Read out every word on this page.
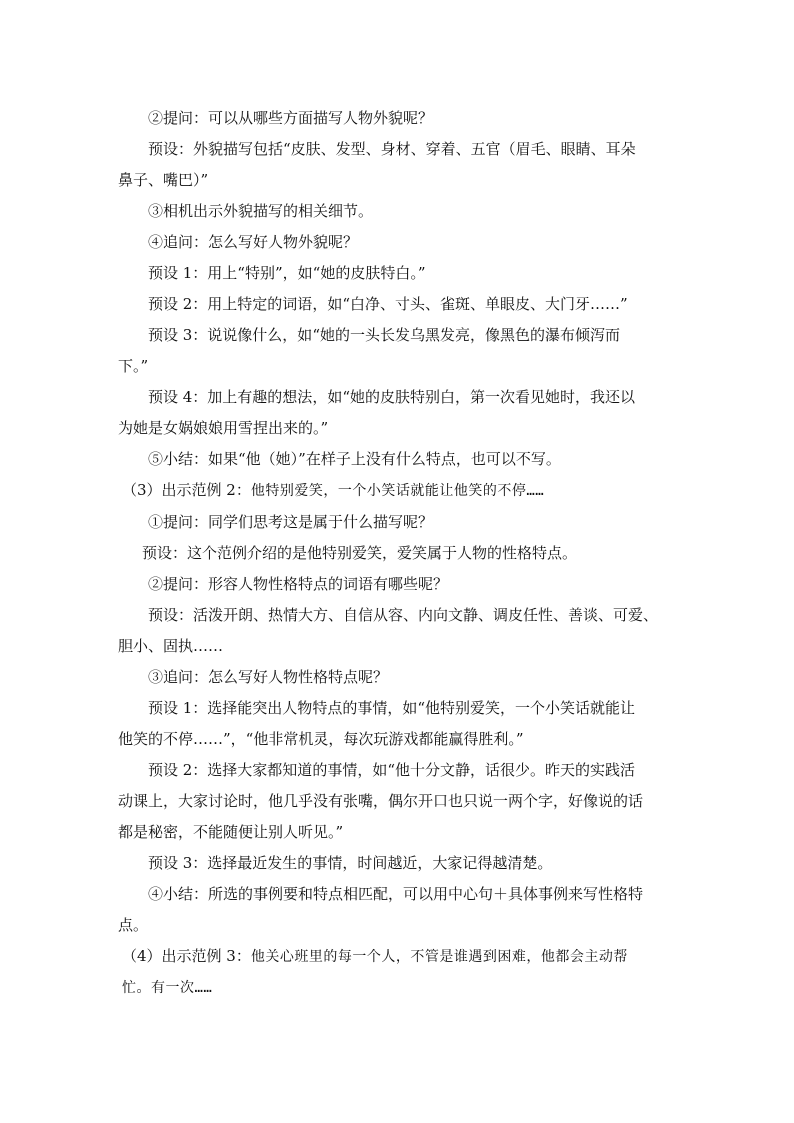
②提问：可以从哪些方面描写人物外貌呢？

预设：外貌描写包括“皮肤、发型、身材、穿着、五官（眉毛、眼睛、耳朵
鼻子、嘴巴）”

③相机出示外貌描写的相关细节。

④追问：怎么写好人物外貌呢？

预设 1：用上“特别”，如“她的皮肤特白。”

预设 2：用上特定的词语，如“白净、寸头、雀斑、单眼皮、大门牙……”

预设 3：说说像什么，如“她的一头长发乌黑发亮，像黑色的瀑布倾泻而
下。”

预设 4：加上有趣的想法，如“她的皮肤特别白，第一次看见她时，我还以
为她是女娲娘娘用雪捏出来的。”

⑤小结：如果“他（她）”在样子上没有什么特点，也可以不写。

（3）出示范例 2：他特别爱笑，一个小笑话就能让他笑的不停……

①提问：同学们思考这是属于什么描写呢？

预设：这个范例介绍的是他特别爱笑，爱笑属于人物的性格特点。

②提问：形容人物性格特点的词语有哪些呢？

预设：活泼开朗、热情大方、自信从容、内向文静、调皮任性、善谈、可爱、
胆小、固执……

③追问：怎么写好人物性格特点呢？

预设 1：选择能突出人物特点的事情，如“他特别爱笑，一个小笑话就能让
他笑的不停……”，“他非常机灵，每次玩游戏都能赢得胜利。”

预设 2：选择大家都知道的事情，如“他十分文静，话很少。昨天的实践活
动课上，大家讨论时，他几乎没有张嘴，偶尔开口也只说一两个字，好像说的话
都是秘密，不能随便让别人听见。”

预设 3：选择最近发生的事情，时间越近，大家记得越清楚。

④小结：所选的事例要和特点相匹配，可以用中心句＋具体事例来写性格特
点。

（4）出示范例 3：他关心班里的每一个人，不管是谁遇到困难，他都会主动帮
忙。有一次……
